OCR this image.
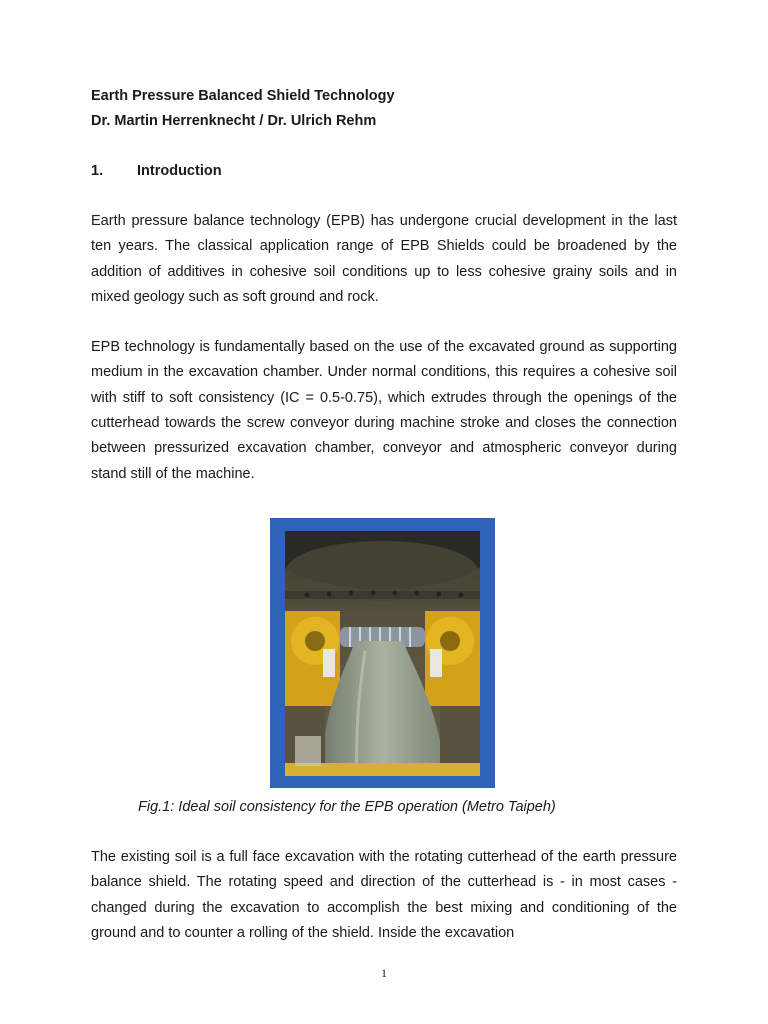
Earth Pressure Balanced Shield Technology

Dr. Martin Herrenknecht / Dr. Ulrich Rehm

1.	Introduction

Earth pressure balance technology (EPB) has undergone crucial development in the last ten years. The classical application range of EPB Shields could be broadened by the addition of additives in cohesive soil conditions up to less cohesive grainy soils and in mixed geology such as soft ground and rock.

EPB technology is fundamentally based on the use of the excavated ground as supporting medium in the excavation chamber. Under normal conditions, this requires a cohesive soil with stiff to soft consistency (IC = 0.5-0.75), which extrudes through the openings of the cutterhead towards the screw conveyor during machine stroke and closes the connection between pressurized excavation chamber, conveyor and atmospheric conveyor during stand still of the machine.

Fig.1: Ideal soil consistency for the EPB operation (Metro Taipeh)

The existing soil is a full face excavation with the rotating cutterhead of the earth pressure balance shield. The rotating speed and direction of the cutterhead is - in most cases - changed during the excavation to accomplish the best mixing and conditioning of the ground and to counter a rolling of the shield. Inside the excavation

1
